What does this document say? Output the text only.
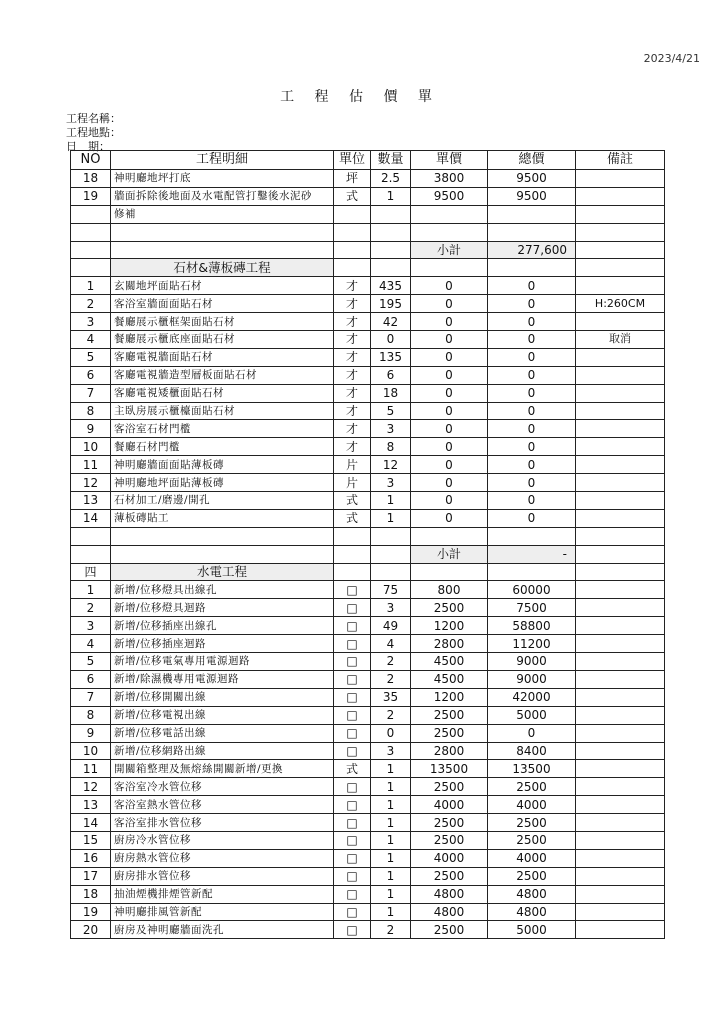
2023/4/21
工 程 估 價 單
工程名稱：
工程地點：
日　期：
NO	工程明細	單位	數量	單價	總價	備註
18	神明廳地坪打底	坪	2.5	3800	9500	
19	牆面拆除後地面及水電配管打鑿後水泥砂	式	1	9500	9500	
	修補					

				小計	277,600	
	石材&薄板磚工程					
1	玄關地坪面貼石材	才	435	0	0	
2	客浴室牆面面貼石材	才	195	0	0	H:260CM
3	餐廳展示櫃框架面貼石材	才	42	0	0	
4	餐廳展示櫃底座面貼石材	才	0	0	0	取消
5	客廳電視牆面貼石材	才	135	0	0	
6	客廳電視牆造型層板面貼石材	才	6	0	0	
7	客廳電視矮櫃面貼石材	才	18	0	0	
8	主臥房展示櫃檯面貼石材	才	5	0	0	
9	客浴室石材門檻	才	3	0	0	
10	餐廳石材門檻	才	8	0	0	
11	神明廳牆面面貼薄板磚	片	12	0	0	
12	神明廳地坪面貼薄板磚	片	3	0	0	
13	石材加工/磨邊/開孔	式	1	0	0	
14	薄板磚貼工	式	1	0	0	

				小計	-	
四	水電工程					
1	新增/位移燈具出線孔	□	75	800	60000	
2	新增/位移燈具迴路	□	3	2500	7500	
3	新增/位移插座出線孔	□	49	1200	58800	
4	新增/位移插座迴路	□	4	2800	11200	
5	新增/位移電氣專用電源迴路	□	2	4500	9000	
6	新增/除濕機專用電源迴路	□	2	4500	9000	
7	新增/位移開關出線	□	35	1200	42000	
8	新增/位移電視出線	□	2	2500	5000	
9	新增/位移電話出線	□	0	2500	0	
10	新增/位移網路出線	□	3	2800	8400	
11	開關箱整理及無熔絲開關新增/更換	式	1	13500	13500	
12	客浴室冷水管位移	□	1	2500	2500	
13	客浴室熱水管位移	□	1	4000	4000	
14	客浴室排水管位移	□	1	2500	2500	
15	廚房冷水管位移	□	1	2500	2500	
16	廚房熱水管位移	□	1	4000	4000	
17	廚房排水管位移	□	1	2500	2500	
18	抽油煙機排煙管新配	□	1	4800	4800	
19	神明廳排風管新配	□	1	4800	4800	
20	廚房及神明廳牆面洗孔	□	2	2500	5000	
